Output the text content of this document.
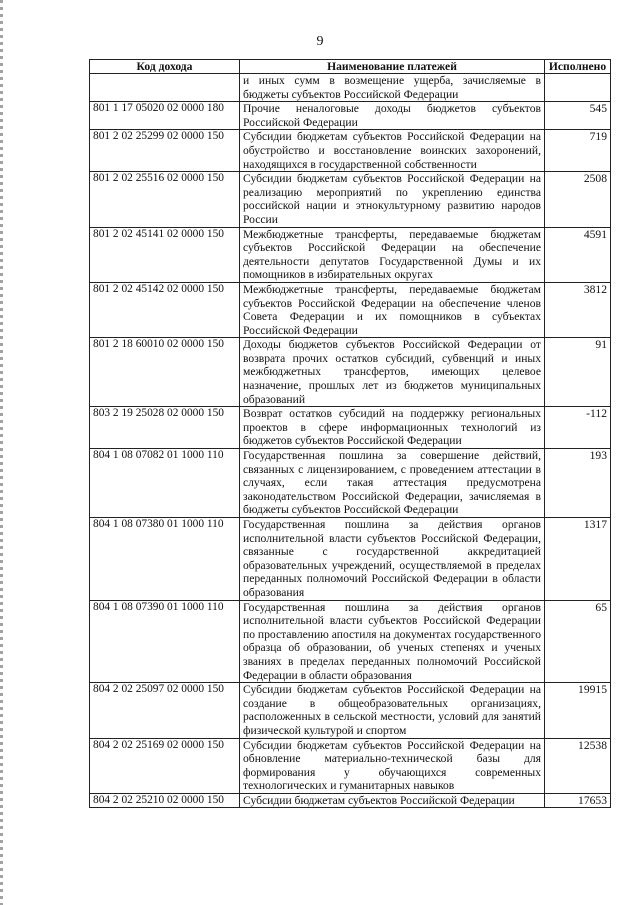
9
Код дохода	Наименование платежей	Исполнено
	и иных сумм в возмещение ущерба, зачисляемые в бюджеты субъектов Российской Федерации	
801 1 17 05020 02 0000 180	Прочие неналоговые доходы бюджетов субъектов Российской Федерации	545
801 2 02 25299 02 0000 150	Субсидии бюджетам субъектов Российской Федерации на обустройство и восстановление воинских захоронений, находящихся в государственной собственности	719
801 2 02 25516 02 0000 150	Субсидии бюджетам субъектов Российской Федерации на реализацию мероприятий по укреплению единства российской нации и этнокультурному развитию народов России	2508
801 2 02 45141 02 0000 150	Межбюджетные трансферты, передаваемые бюджетам субъектов Российской Федерации на обеспечение деятельности депутатов Государственной Думы и их помощников в избирательных округах	4591
801 2 02 45142 02 0000 150	Межбюджетные трансферты, передаваемые бюджетам субъектов Российской Федерации на обеспечение членов Совета Федерации и их помощников в субъектах Российской Федерации	3812
801 2 18 60010 02 0000 150	Доходы бюджетов субъектов Российской Федерации от возврата прочих остатков субсидий, субвенций и иных межбюджетных трансфертов, имеющих целевое назначение, прошлых лет из бюджетов муниципальных образований	91
803 2 19 25028 02 0000 150	Возврат остатков субсидий на поддержку региональных проектов в сфере информационных технологий из бюджетов субъектов Российской Федерации	-112
804 1 08 07082 01 1000 110	Государственная пошлина за совершение действий, связанных с лицензированием, с проведением аттестации в случаях, если такая аттестация предусмотрена законодательством Российской Федерации, зачисляемая в бюджеты субъектов Российской Федерации	193
804 1 08 07380 01 1000 110	Государственная пошлина за действия органов исполнительной власти субъектов Российской Федерации, связанные с государственной аккредитацией образовательных учреждений, осуществляемой в пределах переданных полномочий Российской Федерации в области образования	1317
804 1 08 07390 01 1000 110	Государственная пошлина за действия органов исполнительной власти субъектов Российской Федерации по проставлению апостиля на документах государственного образца об образовании, об ученых степенях и ученых званиях в пределах переданных полномочий Российской Федерации в области образования	65
804 2 02 25097 02 0000 150	Субсидии бюджетам субъектов Российской Федерации на создание в общеобразовательных организациях, расположенных в сельской местности, условий для занятий физической культурой и спортом	19915
804 2 02 25169 02 0000 150	Субсидии бюджетам субъектов Российской Федерации на обновление материально-технической базы для формирования у обучающихся современных технологических и гуманитарных навыков	12538
804 2 02 25210 02 0000 150	Субсидии бюджетам субъектов Российской Федерации	17653
